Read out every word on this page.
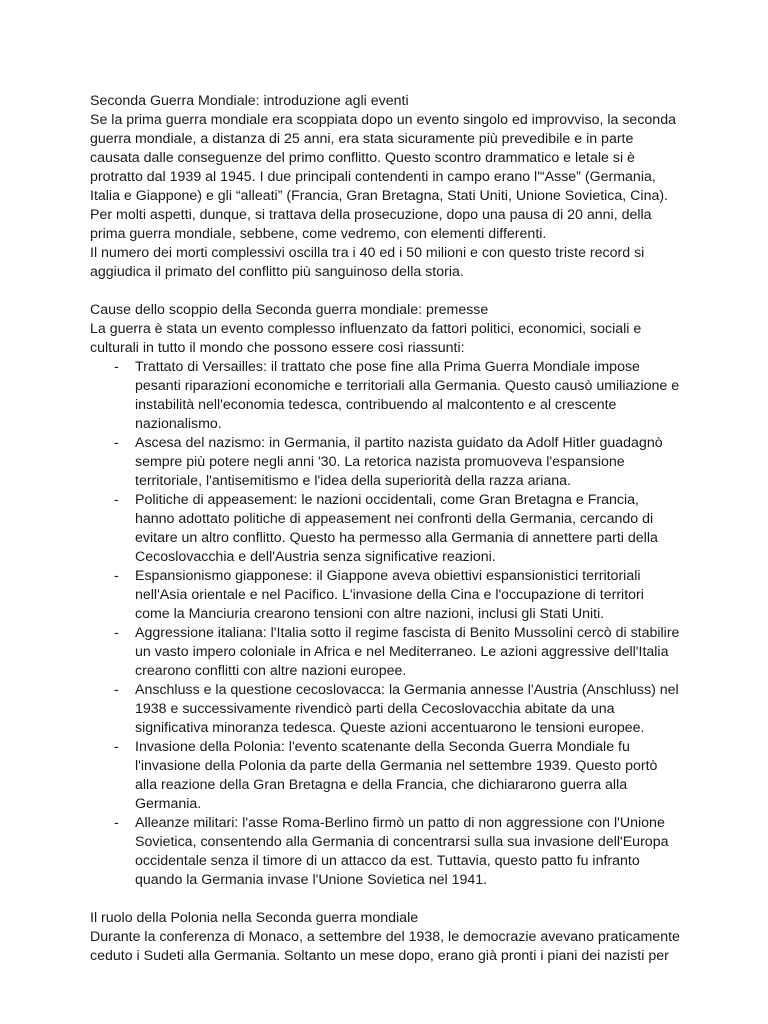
Seconda Guerra Mondiale: introduzione agli eventi

Se la prima guerra mondiale era scoppiata dopo un evento singolo ed improvviso, la seconda guerra mondiale, a distanza di 25 anni, era stata sicuramente più prevedibile e in parte causata dalle conseguenze del primo conflitto. Questo scontro drammatico e letale si è protratto dal 1939 al 1945. I due principali contendenti in campo erano l'“Asse” (Germania, Italia e Giappone) e gli “alleati” (Francia, Gran Bretagna, Stati Uniti, Unione Sovietica, Cina). Per molti aspetti, dunque, si trattava della prosecuzione, dopo una pausa di 20 anni, della prima guerra mondiale, sebbene, come vedremo, con elementi differenti.

Il numero dei morti complessivi oscilla tra i 40 ed i 50 milioni e con questo triste record si aggiudica il primato del conflitto più sanguinoso della storia.

Cause dello scoppio della Seconda guerra mondiale: premesse

La guerra è stata un evento complesso influenzato da fattori politici, economici, sociali e culturali in tutto il mondo che possono essere così riassunti:

- Trattato di Versailles: il trattato che pose fine alla Prima Guerra Mondiale impose pesanti riparazioni economiche e territoriali alla Germania. Questo causò umiliazione e instabilità nell'economia tedesca, contribuendo al malcontento e al crescente nazionalismo.
- Ascesa del nazismo: in Germania, il partito nazista guidato da Adolf Hitler guadagnò sempre più potere negli anni '30. La retorica nazista promuoveva l'espansione territoriale, l'antisemitismo e l'idea della superiorità della razza ariana.
- Politiche di appeasement: le nazioni occidentali, come Gran Bretagna e Francia, hanno adottato politiche di appeasement nei confronti della Germania, cercando di evitare un altro conflitto. Questo ha permesso alla Germania di annettere parti della Cecoslovacchia e dell'Austria senza significative reazioni.
- Espansionismo giapponese: il Giappone aveva obiettivi espansionistici territoriali nell'Asia orientale e nel Pacifico. L'invasione della Cina e l'occupazione di territori come la Manciuria crearono tensioni con altre nazioni, inclusi gli Stati Uniti.
- Aggressione italiana: l'Italia sotto il regime fascista di Benito Mussolini cercò di stabilire un vasto impero coloniale in Africa e nel Mediterraneo. Le azioni aggressive dell'Italia crearono conflitti con altre nazioni europee.
- Anschluss e la questione cecoslovacca: la Germania annesse l'Austria (Anschluss) nel 1938 e successivamente rivendicò parti della Cecoslovacchia abitate da una significativa minoranza tedesca. Queste azioni accentuarono le tensioni europee.
- Invasione della Polonia: l'evento scatenante della Seconda Guerra Mondiale fu l'invasione della Polonia da parte della Germania nel settembre 1939. Questo portò alla reazione della Gran Bretagna e della Francia, che dichiararono guerra alla Germania.
- Alleanze militari: l'asse Roma-Berlino firmò un patto di non aggressione con l'Unione Sovietica, consentendo alla Germania di concentrarsi sulla sua invasione dell'Europa occidentale senza il timore di un attacco da est. Tuttavia, questo patto fu infranto quando la Germania invase l'Unione Sovietica nel 1941.

Il ruolo della Polonia nella Seconda guerra mondiale

Durante la conferenza di Monaco, a settembre del 1938, le democrazie avevano praticamente ceduto i Sudeti alla Germania. Soltanto un mese dopo, erano già pronti i piani dei nazisti per
